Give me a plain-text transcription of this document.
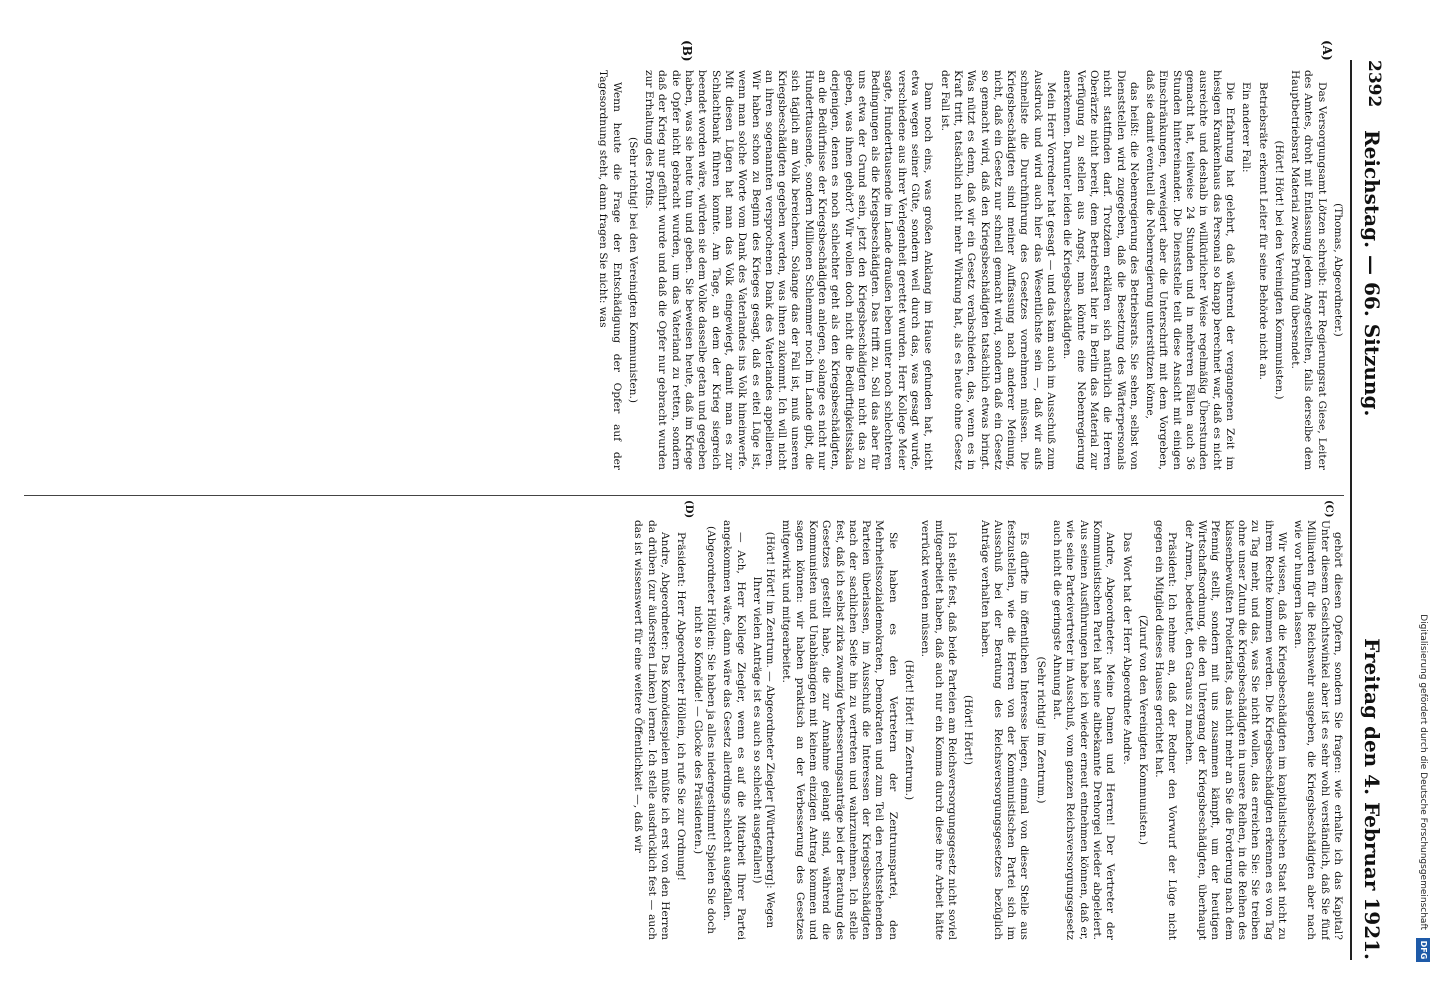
Digitalisierung gefördert durch die Deutsche Forschungsgemeinschaft
DFG
2392
Reichstag. — 66. Sitzung.
Freitag den 4. Februar 1921.
(A)
(B)
(C)
(D)

(Thomas, Abgeordneter.)

Das Versorgungsamt Lötzen schreibt: Herr Regierungsrat Giese, Leiter des Amtes, droht mit Entlassung jedem Angestellten, falls derselbe dem Hauptbetriebsrat Material zwecks Prüfung übersendet.

(Hört! Hört! bei den Vereinigten Kommunisten.)

Betriebsräte erkennt Leiter für seine Behörde nicht an.

Ein anderer Fall:

Die Erfahrung hat gelehrt, daß während der vergangenen Zeit im hiesigen Krankenhaus das Personal so knapp berechnet war, daß es nicht ausreichte und deshalb in willkürlicher Weise regelmäßig Überstunden gemacht hat, teilweise 24 Stunden und in mehreren Fällen auch 36 Stunden hintereinander. Die Dienststelle teilt diese Ansicht mit einigen Einschränkungen, verweigert aber die Unterschrift mit dem Vorgeben, daß sie damit eventuell die Nebenregierung unterstützen könne,

das heißt: die Nebenregierung des Betriebsrats. Sie sehen, selbst von Dienststellen wird zugegeben, daß die Besetzung des Wärterpersonals nicht stattfinden darf. Trotzdem erklären sich natürlich die Herren Oberärzte nicht bereit, dem Betriebsrat hier in Berlin das Material zur Verfügung zu stellen aus Angst, man könnte eine Nebenregierung anerkennen. Darunter leiden die Kriegsbeschädigten.

Mein Herr Vorredner hat gesagt — und das kam auch im Ausschuß zum Ausdruck und wird auch hier das Wesentlichste sein —, daß wir aufs schnellste die Durchführung des Gesetzes vornehmen müssen. Die Kriegsbeschädigten sind meiner Auffassung nach anderer Meinung, nicht, daß ein Gesetz nur schnell gemacht wird, sondern daß ein Gesetz so gemacht wird, daß den Kriegsbeschädigten tatsächlich etwas bringt. Was nützt es denn, daß wir ein Gesetz verabschieden, das, wenn es in Kraft tritt, tatsächlich nicht mehr Wirkung hat, als es heute ohne Gesetz der Fall ist.

Dann noch eins, was großen Anklang im Hause gefunden hat, nicht etwa wegen seiner Güte, sondern weil durch das, was gesagt wurde, verschiedene aus ihrer Verlegenheit gerettet wurden. Herr Kollege Meier sagte, Hunderttausende im Lande draußen leben unter noch schlechteren Bedingungen als die Kriegsbeschädigten. Das trifft zu. Soll das aber für uns etwa der Grund sein, jetzt den Kriegsbeschädigten nicht das zu geben, was ihnen gehört? Wir wollen doch nicht die Bedürftigkeitsskala derjenigen, denen es noch schlechter geht als den Kriegsbeschädigten, an die Bedürfnisse der Kriegsbeschädigten anlegen, solange es nicht nur Hunderttausende, sondern Millionen Schlemmer noch im Lande gibt, die sich täglich am Volk bereichern. Solange das der Fall ist, muß unseren Kriegsbeschädigten gegeben werden, was ihnen zukommt. Ich will nicht an ihren sogenannten versprochenen Dank des Vaterlandes appellieren. Wir haben schon zu Beginn des Krieges gesagt, daß es eitel Lüge ist, wenn man solche Worte vom Dank des Vaterlandes ins Volk hineinwerfe. Mit diesen Lügen hat man das Volk eingewiegt, damit man es zur Schlachtbank führen konnte. Am Tage, an dem der Krieg siegreich beendet worden wäre, würden sie dem Volke dasselbe getan und gegeben haben, was sie heute tun und geben. Sie beweisen heute, daß im Kriege die Opfer nicht gebracht wurden, um das Vaterland zu retten, sondern daß der Krieg nur geführt wurde und daß die Opfer nur gebracht wurden zur Erhaltung des Profits.

(Sehr richtig! bei den Vereinigten Kommunisten.)

Wenn heute die Frage der Entschädigung der Opfer auf der Tagesordnung steht, dann fragen Sie nicht: was

gehört diesen Opfern, sondern Sie fragen: wie erhalte ich das Kapital? Unter diesem Gesichtswinkel aber ist es sehr wohl verständlich, daß Sie fünf Milliarden für die Reichswehr ausgeben, die Kriegsbeschädigten aber nach wie vor hungern lassen.

Wir wissen, daß die Kriegsbeschädigten im kapitalistischen Staat nicht zu ihrem Rechte kommen werden. Die Kriegsbeschädigten erkennen es von Tag zu Tag mehr, und das, was Sie nicht wollen, das erreichen Sie: Sie treiben ohne unser Zutun die Kriegsbeschädigten in unsere Reihen, in die Reihen des klassenbewußten Proletariats, das nicht mehr an Sie die Forderung nach dem Pfennig stellt, sondern mit uns zusammen kämpft, um der heutigen Wirtschaftsordnung, die den Untergang der Kriegsbeschädigten, überhaupt der Armen, bedeutet, den Garaus zu machen.

Präsident: Ich nehme an, daß der Redner den Vorwurf der Lüge nicht gegen ein Mitglied dieses Hauses gerichtet hat.

(Zuruf von den Vereinigten Kommunisten.)

Das Wort hat der Herr Abgeordnete Andre.

Andre, Abgeordneter: Meine Damen und Herren! Der Vertreter der Kommunistischen Partei hat seine altbekannte Drehorgel wieder abgeleiert. Aus seinen Ausführungen habe ich wieder erneut entnehmen können, daß er, wie seine Parteivertreter im Ausschuß, vom ganzen Reichsversorgungsgesetz auch nicht die geringste Ahnung hat.

(Sehr richtig! im Zentrum.)

Es dürfte im öffentlichen Interesse liegen, einmal von dieser Stelle aus festzustellen, wie die Herren von der Kommunistischen Partei sich im Ausschuß bei der Beratung des Reichsversorgungsgesetzes bezüglich Anträge verhalten haben.

(Hört! Hört!)

Ich stelle fest, daß beide Parteien am Reichsversorgungsgesetz nicht soviel mitgearbeitet haben, daß auch nur ein Komma durch diese ihre Arbeit hätte verrückt werden müssen.

(Hört! Hört! im Zentrum.)

Sie haben es den Vertretern der Zentrumspartei, den Mehrheitssozialdemokraten, Demokraten und zum Teil den rechtsstehenden Parteien überlassen, im Ausschuß die Interessen der Kriegsbeschädigten nach der sachlichen Seite hin zu vertreten und wahrzunehmen. Ich stelle fest, daß ich selbst zirka zwanzig Verbesserungsanträge bei der Beratung des Gesetzes gestellt habe, die zur Annahme gelangt sind, während die Kommunisten und Unabhängigen mit keinem einzigen Antrag kommen und sagen können: wir haben praktisch an der Verbesserung des Gesetzes mitgewirkt und mitgearbeitet.

(Hört! Hört! im Zentrum. — Abgeordneter Ziegler [Württemberg]: Wegen Ihrer vielen Anträge ist es auch so schlecht ausgefallen!)

— Ach, Herr Kollege Ziegler, wenn es auf die Mitarbeit Ihrer Partei angekommen wäre, dann wäre das Gesetz allerdings schlecht ausgefallen.

(Abgeordneter Höllein: Sie haben ja alles niedergestimmt! Spielen Sie doch nicht so Komödie! — Glocke des Präsidenten.)

Präsident: Herr Abgeordneter Höllein, ich rufe Sie zur Ordnung!

Andre, Abgeordneter: Das Komödiespielen müßte ich erst von den Herren da drüben (zur äußersten Linken) lernen. Ich stelle ausdrücklich fest — auch das ist wissenswert für eine weitere Öffentlichkeit —, daß wir
